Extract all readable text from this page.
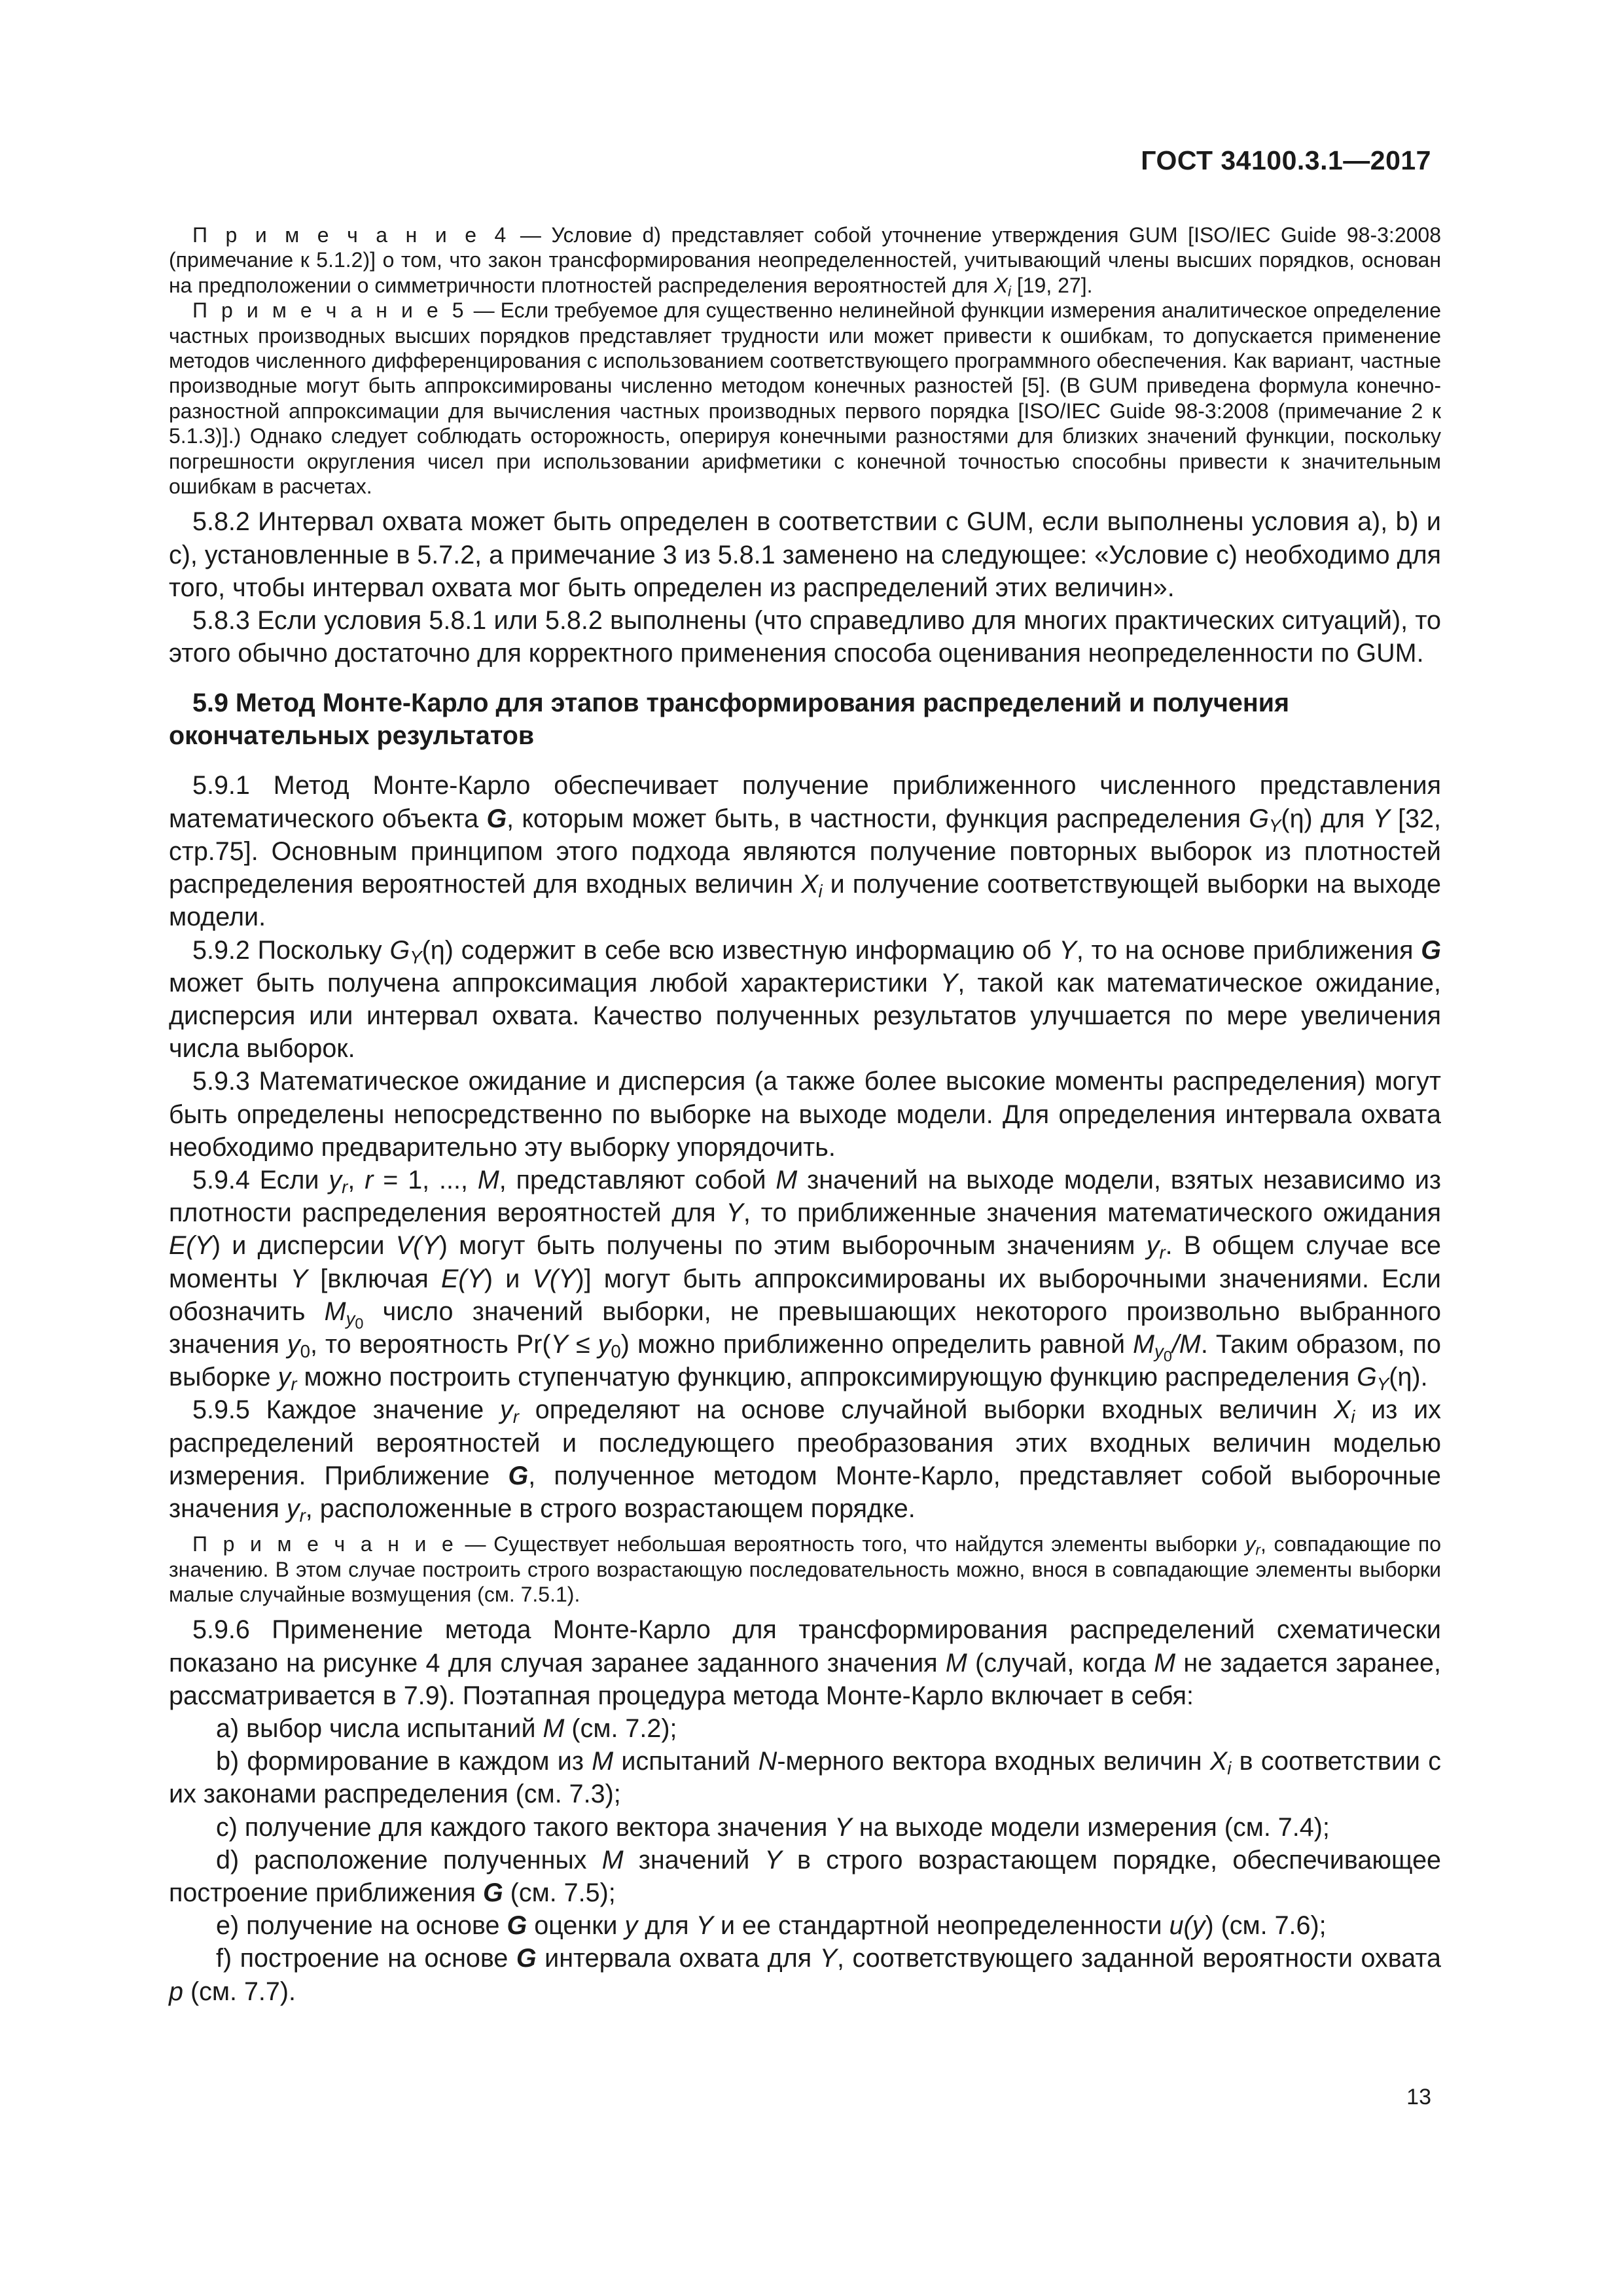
ГОСТ 34100.3.1—2017

П р и м е ч а н и е 4 — Условие d) представляет собой уточнение утверждения GUM [ISO/IEC Guide 98-3:2008 (примечание к 5.1.2)] о том, что закон трансформирования неопределенностей, учитывающий члены высших порядков, основан на предположении о симметричности плотностей распределения вероятностей для $X_i$ [19, 27].

П р и м е ч а н и е 5 — Если требуемое для существенно нелинейной функции измерения аналитическое определение частных производных высших порядков представляет трудности или может привести к ошибкам, то допускается применение методов численного дифференцирования с использованием соответствующего программного обеспечения. Как вариант, частные производные могут быть аппроксимированы численно методом конечных разностей [5]. (В GUM приведена формула конечно-разностной аппроксимации для вычисления частных производных первого порядка [ISO/IEC Guide 98-3:2008 (примечание 2 к 5.1.3)].) Однако следует соблюдать осторожность, оперируя конечными разностями для близких значений функции, поскольку погрешности округления чисел при использовании арифметики с конечной точностью способны привести к значительным ошибкам в расчетах.

5.8.2 Интервал охвата может быть определен в соответствии с GUM, если выполнены условия а), b) и с), установленные в 5.7.2, а примечание 3 из 5.8.1 заменено на следующее: «Условие с) необходимо для того, чтобы интервал охвата мог быть определен из распределений этих величин».

5.8.3 Если условия 5.8.1 или 5.8.2 выполнены (что справедливо для многих практических ситуаций), то этого обычно достаточно для корректного применения способа оценивания неопределенности по GUM.

5.9 Метод Монте-Карло для этапов трансформирования распределений и получения окончательных результатов

5.9.1 Метод Монте-Карло обеспечивает получение приближенного численного представления математического объекта G, которым может быть, в частности, функция распределения $G_Y(\eta)$ для Y [32, стр.75]. Основным принципом этого подхода являются получение повторных выборок из плотностей распределения вероятностей для входных величин $X_i$ и получение соответствующей выборки на выходе модели.

5.9.2 Поскольку $G_Y(\eta)$ содержит в себе всю известную информацию об Y, то на основе приближения G может быть получена аппроксимация любой характеристики Y, такой как математическое ожидание, дисперсия или интервал охвата. Качество полученных результатов улучшается по мере увеличения числа выборок.

5.9.3 Математическое ожидание и дисперсия (а также более высокие моменты распределения) могут быть определены непосредственно по выборке на выходе модели. Для определения интервала охвата необходимо предварительно эту выборку упорядочить.

5.9.4 Если $y_r$, r = 1, ..., M, представляют собой M значений на выходе модели, взятых независимо из плотности распределения вероятностей для Y, то приближенные значения математического ожидания E(Y) и дисперсии V(Y) могут быть получены по этим выборочным значениям $y_r$. В общем случае все моменты Y [включая E(Y) и V(Y)] могут быть аппроксимированы их выборочными значениями. Если обозначить $M_{y_0}$ число значений выборки, не превышающих некоторого произвольно выбранного значения $y_0$, то вероятность $Pr(Y \le y_0)$ можно приближенно определить равной $M_{y_0}/M$. Таким образом, по выборке $y_r$ можно построить ступенчатую функцию, аппроксимирующую функцию распределения $G_Y(\eta)$.

5.9.5 Каждое значение $y_r$ определяют на основе случайной выборки входных величин $X_i$ из их распределений вероятностей и последующего преобразования этих входных величин моделью измерения. Приближение G, полученное методом Монте-Карло, представляет собой выборочные значения $y_r$, расположенные в строго возрастающем порядке.

П р и м е ч а н и е — Существует небольшая вероятность того, что найдутся элементы выборки $y_r$, совпадающие по значению. В этом случае построить строго возрастающую последовательность можно, внося в совпадающие элементы выборки малые случайные возмущения (см. 7.5.1).

5.9.6 Применение метода Монте-Карло для трансформирования распределений схематически показано на рисунке 4 для случая заранее заданного значения M (случай, когда M не задается заранее, рассматривается в 7.9). Поэтапная процедура метода Монте-Карло включает в себя:

a) выбор числа испытаний M (см. 7.2);

b) формирование в каждом из M испытаний N-мерного вектора входных величин $X_i$ в соответствии с их законами распределения (см. 7.3);

c) получение для каждого такого вектора значения Y на выходе модели измерения (см. 7.4);

d) расположение полученных M значений Y в строго возрастающем порядке, обеспечивающее построение приближения G (см. 7.5);

e) получение на основе G оценки y для Y и ее стандартной неопределенности u(y) (см. 7.6);

f) построение на основе G интервала охвата для Y, соответствующего заданной вероятности охвата p (см. 7.7).

13
